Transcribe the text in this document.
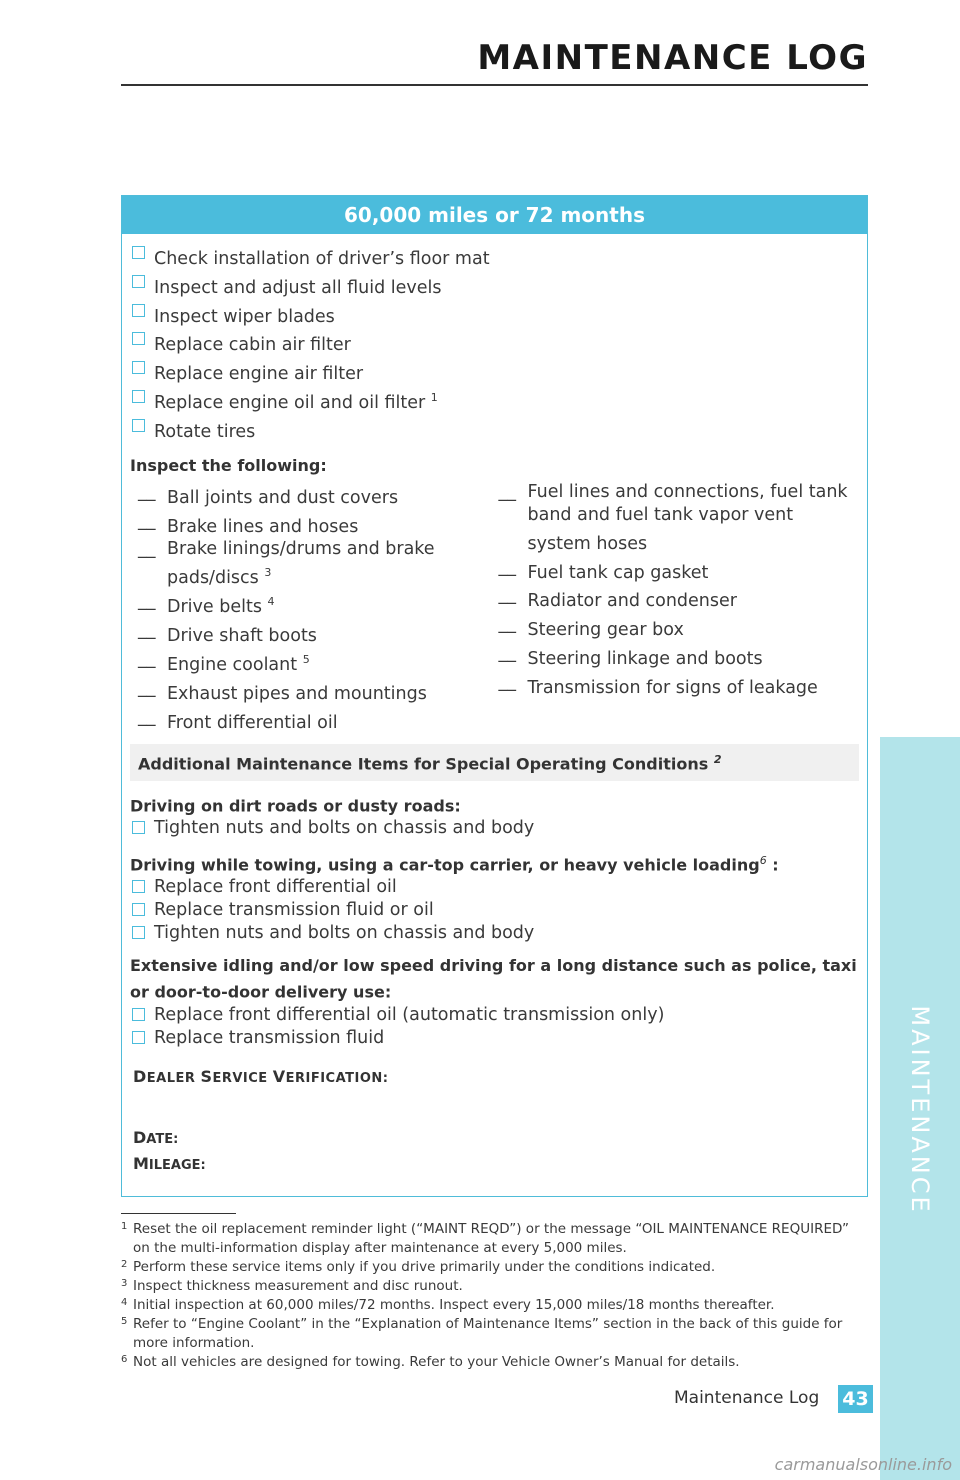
MAINTENANCE LOG
MAINTENANCE
60,000 miles or 72 months
Check installation of driver’s floor mat
Inspect and adjust all fluid levels
Inspect wiper blades
Replace cabin air filter
Replace engine air filter
Replace engine oil and oil filter $^1$
Rotate tires
Inspect the following:
__ Ball joints and dust covers
__ Brake lines and hoses
__ Brake linings/drums and brake pads/discs $^3$
__ Drive belts $^4$
__ Drive shaft boots
__ Engine coolant $^5$
__ Exhaust pipes and mountings
__ Front differential oil
__ Fuel lines and connections, fuel tank band and fuel tank vapor vent system hoses
__ Fuel tank cap gasket
__ Radiator and condenser
__ Steering gear box
__ Steering linkage and boots
__ Transmission for signs of leakage
Additional Maintenance Items for Special Operating Conditions $^2$
Driving on dirt roads or dusty roads:
Tighten nuts and bolts on chassis and body
Driving while towing, using a car-top carrier, or heavy vehicle loading$^6$ :
Replace front differential oil
Replace transmission fluid or oil
Tighten nuts and bolts on chassis and body
Extensive idling and/or low speed driving for a long distance such as police, taxi or door-to-door delivery use:
Replace front differential oil (automatic transmission only)
Replace transmission fluid
DEALER SERVICE VERIFICATION:
DATE:
MILEAGE:
1 Reset the oil replacement reminder light (“MAINT REQD”) or the message “OIL MAINTENANCE REQUIRED” on the multi-information display after maintenance at every 5,000 miles.
2 Perform these service items only if you drive primarily under the conditions indicated.
3 Inspect thickness measurement and disc runout.
4 Initial inspection at 60,000 miles/72 months. Inspect every 15,000 miles/18 months thereafter.
5 Refer to “Engine Coolant” in the “Explanation of Maintenance Items” section in the back of this guide for more information.
6 Not all vehicles are designed for towing. Refer to your Vehicle Owner’s Manual for details.
Maintenance Log 43
carmanualsonline.info
